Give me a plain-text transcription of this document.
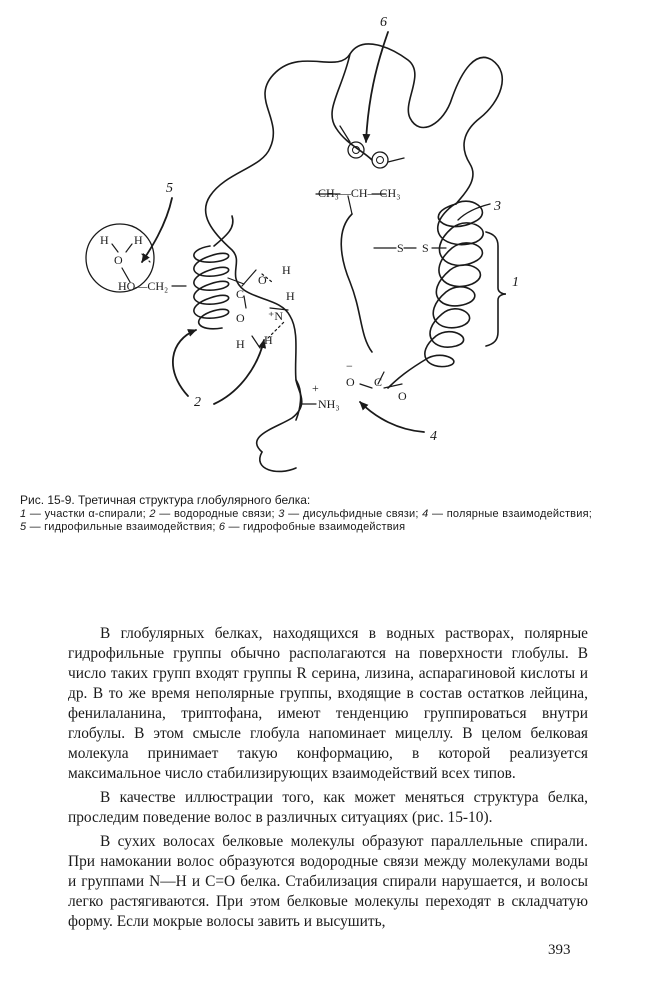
CH₃—CH—CH₃
S S
H H
O
HO—CH₂
C
O
O
H
⁺N
H
H
H
+
NH₃
−
O C
O
1
2
3
4
5
6
Рис. 15-9. Третичная структура глобулярного белка:
1 — участки α-спирали; 2 — водородные связи; 3 — дисульфидные связи; 4 — полярные взаимодействия; 5 — гидрофильные взаимодействия; 6 — гидрофобные взаимодействия

В глобулярных белках, находящихся в водных растворах, полярные гидрофильные группы обычно располагаются на поверхности глобулы. В число таких групп входят группы R серина, лизина, аспарагиновой кислоты и др. В то же время неполярные группы, входящие в состав остатков лейцина, фенилаланина, триптофана, имеют тенденцию группироваться внутри глобулы. В этом смысле глобула напоминает мицеллу. В целом белковая молекула принимает такую конформацию, в которой реализуется максимальное число стабилизирующих взаимодействий всех типов.

В качестве иллюстрации того, как может меняться структура белка, проследим поведение волос в различных ситуациях (рис. 15-10).

В сухих волосах белковые молекулы образуют параллельные спирали. При намокании волос образуются водородные связи между молекулами воды и группами N—H и C=O белка. Стабилизация спирали нарушается, и волосы легко растягиваются. При этом белковые молекулы переходят в складчатую форму. Если мокрые волосы завить и высушить,

393
